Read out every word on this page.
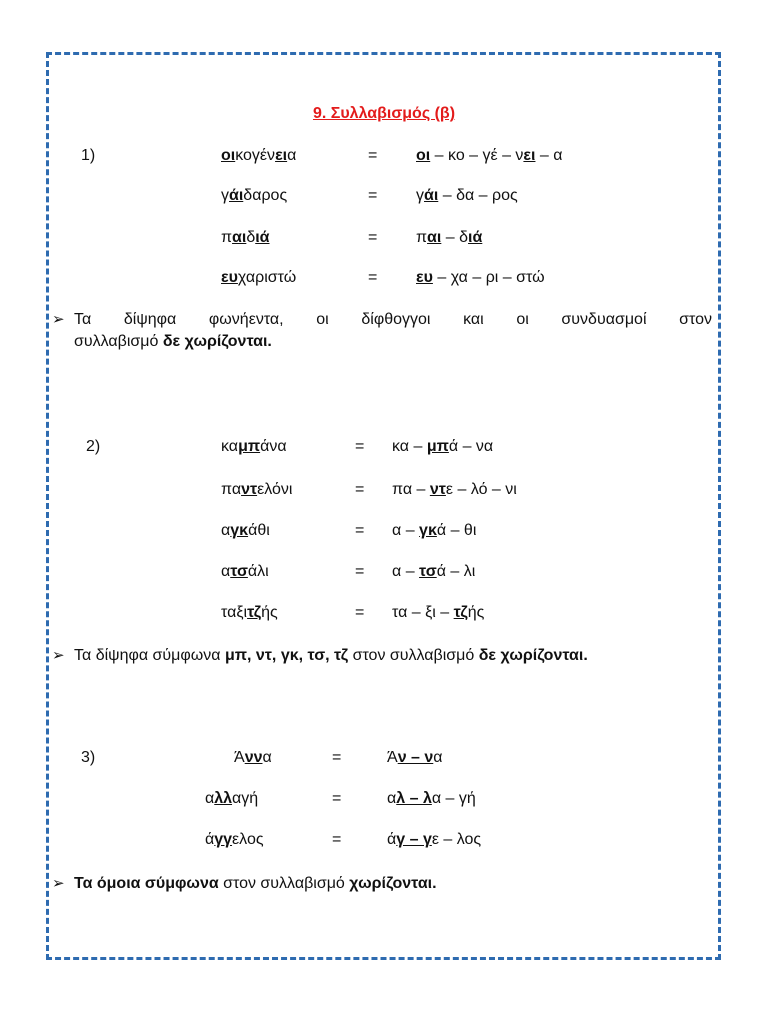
9. Συλλαβισμός (β)
1)	οικογένεια	= οι – κο – γέ – νει – α
γάιδαρος	= γάι – δα – ρος
παιδιά	= παι – διά
ευχαριστώ	= ευ – χα – ρι – στώ
➢ Τα δίψηφα φωνήεντα, οι δίφθογγοι και οι συνδυασμοί στον
συλλαβισμό δε χωρίζονται.
2)	καμπάνα	= κα – μπά – να
παντελόνι	= πα – ντε – λό – νι
αγκάθι	= α – γκά – θι
ατσάλι	= α – τσά – λι
ταξιτζής	= τα – ξι – τζής
➢ Τα δίψηφα σύμφωνα μπ, ντ, γκ, τσ, τζ στον συλλαβισμό δε χωρίζονται.
3)	Άννα	=	Άν – να
αλλαγή	=	αλ – λα – γή
άγγελος	=	άγ – γε – λος
➢ Τα όμοια σύμφωνα στον συλλαβισμό χωρίζονται.
